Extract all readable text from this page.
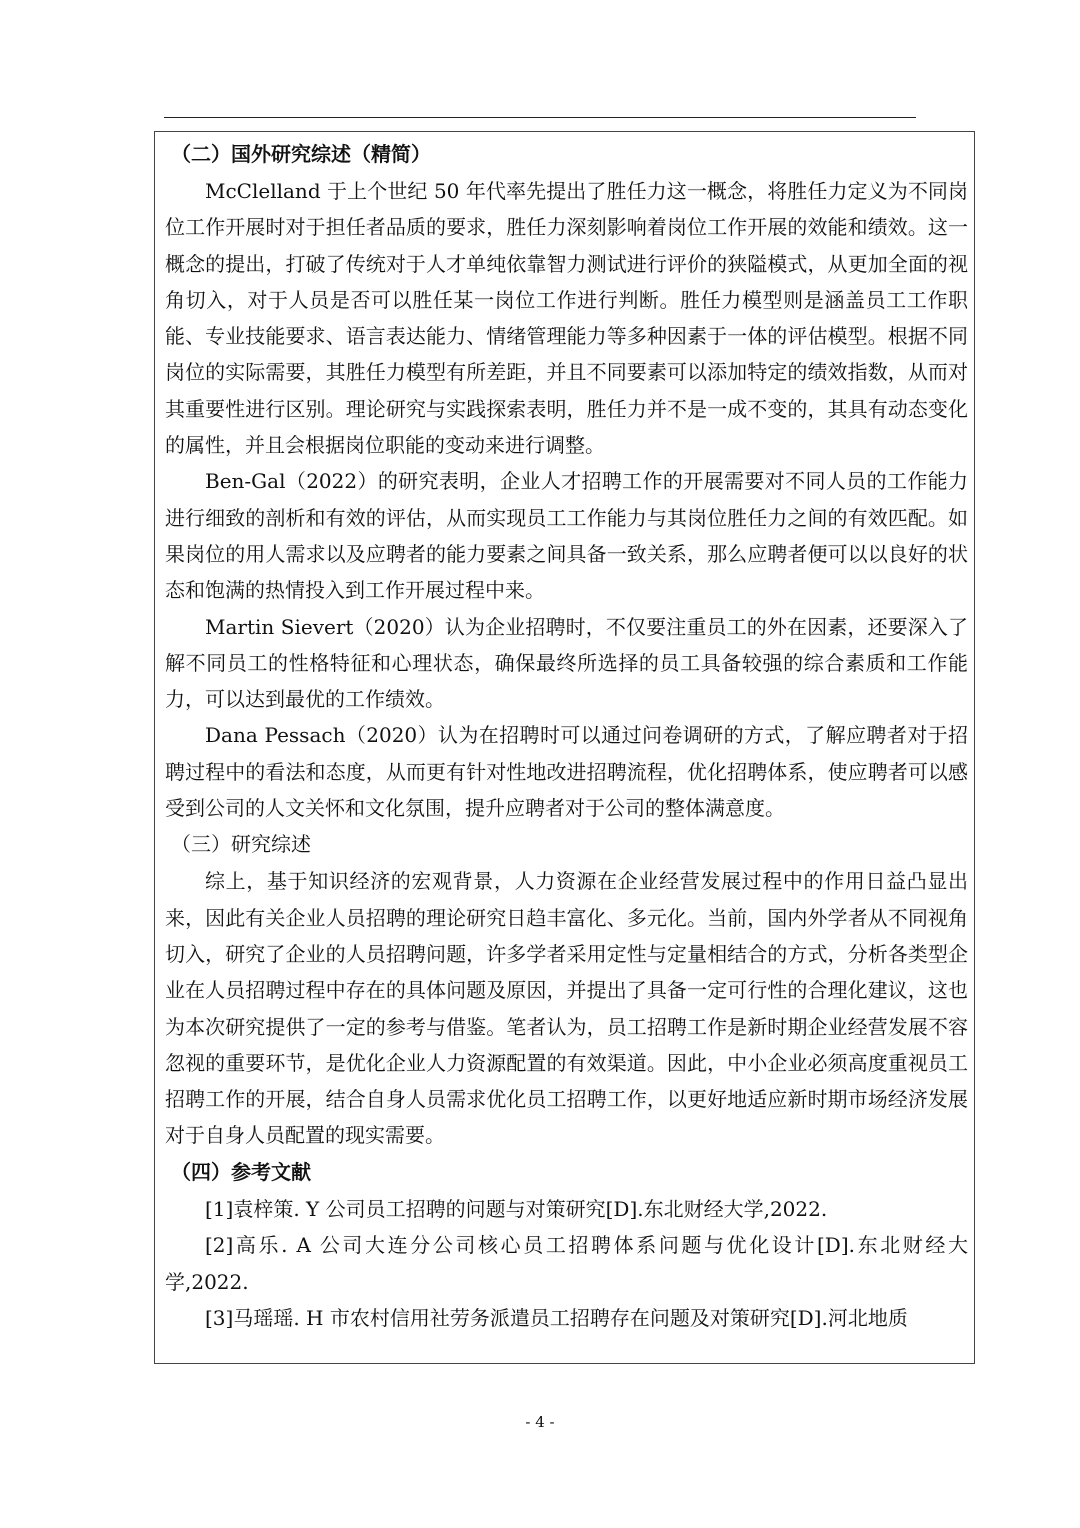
（二）国外研究综述（精简）

McClelland 于上个世纪 50 年代率先提出了胜任力这一概念，将胜任力定义为不同岗位工作开展时对于担任者品质的要求，胜任力深刻影响着岗位工作开展的效能和绩效。这一概念的提出，打破了传统对于人才单纯依靠智力测试进行评价的狭隘模式，从更加全面的视角切入，对于人员是否可以胜任某一岗位工作进行判断。胜任力模型则是涵盖员工工作职能、专业技能要求、语言表达能力、情绪管理能力等多种因素于一体的评估模型。根据不同岗位的实际需要，其胜任力模型有所差距，并且不同要素可以添加特定的绩效指数，从而对其重要性进行区别。理论研究与实践探索表明，胜任力并不是一成不变的，其具有动态变化的属性，并且会根据岗位职能的变动来进行调整。

Ben-Gal（2022）的研究表明，企业人才招聘工作的开展需要对不同人员的工作能力进行细致的剖析和有效的评估，从而实现员工工作能力与其岗位胜任力之间的有效匹配。如果岗位的用人需求以及应聘者的能力要素之间具备一致关系，那么应聘者便可以以良好的状态和饱满的热情投入到工作开展过程中来。

Martin Sievert（2020）认为企业招聘时，不仅要注重员工的外在因素，还要深入了解不同员工的性格特征和心理状态，确保最终所选择的员工具备较强的综合素质和工作能力，可以达到最优的工作绩效。

Dana Pessach（2020）认为在招聘时可以通过问卷调研的方式，了解应聘者对于招聘过程中的看法和态度，从而更有针对性地改进招聘流程，优化招聘体系，使应聘者可以感受到公司的人文关怀和文化氛围，提升应聘者对于公司的整体满意度。

（三）研究综述

综上，基于知识经济的宏观背景，人力资源在企业经营发展过程中的作用日益凸显出来，因此有关企业人员招聘的理论研究日趋丰富化、多元化。当前，国内外学者从不同视角切入，研究了企业的人员招聘问题，许多学者采用定性与定量相结合的方式，分析各类型企业在人员招聘过程中存在的具体问题及原因，并提出了具备一定可行性的合理化建议，这也为本次研究提供了一定的参考与借鉴。笔者认为，员工招聘工作是新时期企业经营发展不容忽视的重要环节，是优化企业人力资源配置的有效渠道。因此，中小企业必须高度重视员工招聘工作的开展，结合自身人员需求优化员工招聘工作，以更好地适应新时期市场经济发展对于自身人员配置的现实需要。

（四）参考文献

[1]袁梓策. Y 公司员工招聘的问题与对策研究[D].东北财经大学,2022.

[2]高乐. A 公司大连分公司核心员工招聘体系问题与优化设计[D].东北财经大学,2022.

[3]马瑶瑶. H 市农村信用社劳务派遣员工招聘存在问题及对策研究[D].河北地质

- 4 -
